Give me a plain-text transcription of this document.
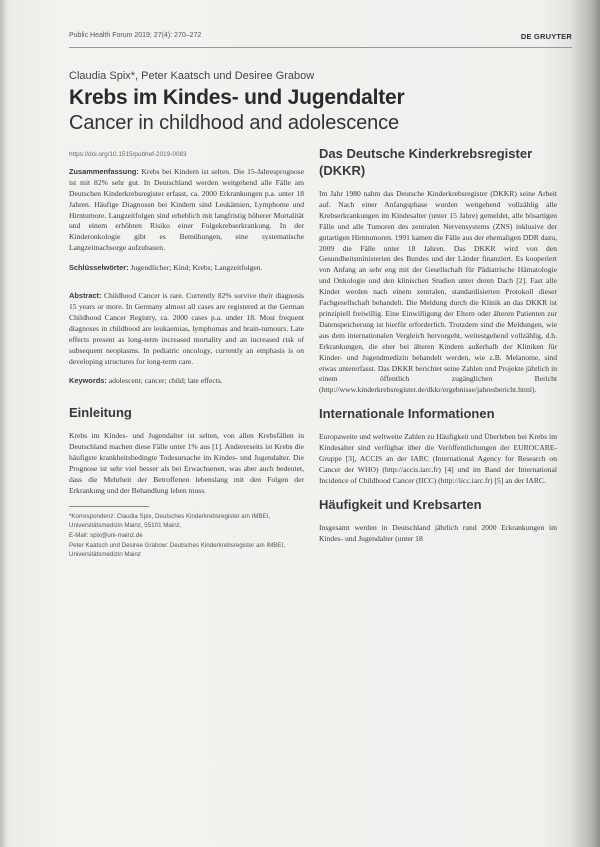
Public Health Forum 2019; 27(4): 270–272	DE GRUYTER
Claudia Spix*, Peter Kaatsch und Desiree Grabow
Krebs im Kindes- und Jugendalter
Cancer in childhood and adolescence
https://doi.org/10.1515/pubhef-2019-0083

Zusammenfassung: Krebs bei Kindern ist selten. Die 15-Jahresprognose ist mit 82% sehr gut. In Deutschland werden weitgehend alle Fälle am Deutschen Kinderkrebsregister erfasst, ca. 2000 Erkrankungen p.a. unter 18 Jahren. Häufige Diagnosen bei Kindern sind Leukämien, Lymphome und Hirntumore. Langzeitfolgen sind erheblich mit langfristig höherer Mortalität und einem erhöhten Risiko einer Folgekrebserkrankung. In der Kinderonkologie gibt es Bemühungen, eine systematische Langzeitnachsorge aufzubauen.

Schlüsselwörter: Jugendlicher; Kind; Krebs; Langzeitfolgen.

Abstract: Childhood Cancer is rare. Currently 82% survive their diagnosis 15 years or more. In Germany almost all cases are registered at the German Childhood Cancer Registry, ca. 2000 cases p.a. under 18. Most frequent diagnoses in childhood are leukaemias, lymphomas and brain-tumours. Late effects present as long-term increased mortality and an increased risk of subsequent neoplasms. In pediatric oncology, currently an emphasis is on developing structures for long-term care.

Keywords: adolescent; cancer; child; late effects.

Einleitung

Krebs im Kindes- und Jugendalter ist selten, von allen Krebsfällen in Deutschland machen diese Fälle unter 1% aus [1]. Andererseits ist Krebs die häufigste krankheitsbedingte Todesursache im Kindes- und Jugendalter. Die Prognose ist sehr viel besser als bei Erwachsenen, was aber auch bedeutet, dass die Mehrheit der Betroffenen lebenslang mit den Folgen der Erkrankung und der Behandlung leben muss.

*Korrespondenz: Claudia Spix, Deutsches Kinderkrebsregister am IMBEI, Universitätsmedizin Mainz, 55101 Mainz,
E-Mail: spix@uni-mainz.de
Peter Kaatsch und Desiree Grabow: Deutsches Kinderkrebsregister am IMBEI, Universitätsmedizin Mainz
Das Deutsche Kinderkrebsregister (DKKR)

Im Jahr 1980 nahm das Deutsche Kinderkrebsregister (DKKR) seine Arbeit auf. Nach einer Anfangsphase wurden weitgehend vollzählig alle Krebserkrankungen im Kindesalter (unter 15 Jahre) gemeldet, alle bösartigen Fälle und alle Tumoren des zentralen Nervensystems (ZNS) inklusive der gutartigen Hirntumoren. 1991 kamen die Fälle aus der ehemaligen DDR dazu, 2009 die Fälle unter 18 Jahren. Das DKKR wird von den Gesundheitsministerien des Bundes und der Länder finanziert. Es kooperiert von Anfang an sehr eng mit der Gesellschaft für Pädiatrische Hämatologie und Onkologie und den klinischen Studien unter deren Dach [2]. Fast alle Kinder werden nach einem zentralen, standardisierten Protokoll dieser Fachgesellschaft behandelt. Die Meldung durch die Klinik an das DKKR ist prinzipiell freiwillig. Eine Einwilligung der Eltern oder älteren Patienten zur Datenspeicherung ist hierfür erforderlich. Trotzdem sind die Meldungen, wie aus dem internationalen Vergleich hervorgeht, weitestgehend vollzählig, d.h. Erkrankungen, die eher bei älteren Kindern außerhalb der Kliniken für Kinder- und Jugendmedizin behandelt werden, wie z.B. Melanome, sind etwas untererfasst. Das DKKR berichtet seine Zahlen und Projekte jährlich in einem öffentlich zugänglichen Bericht (http://www.kinderkrebsregister.de/dkkr/ergebnisse/jahresbericht.html).

Internationale Informationen

Europaweite und weltweite Zahlen zu Häufigkeit und Überleben bei Krebs im Kindesalter sind verfügbar über die Veröffentlichungen der EUROCARE-Gruppe [3], ACCIS an der IARC (International Agency for Research on Cancer der WHO) (http://accis.iarc.fr) [4] und im Band der International Incidence of Childhood Cancer (IICC) (http://iicc.iarc.fr) [5] an der IARC.

Häufigkeit und Krebsarten

Insgesamt werden in Deutschland jährlich rund 2000 Erkrankungen im Kindes- und Jugendalter (unter 18
